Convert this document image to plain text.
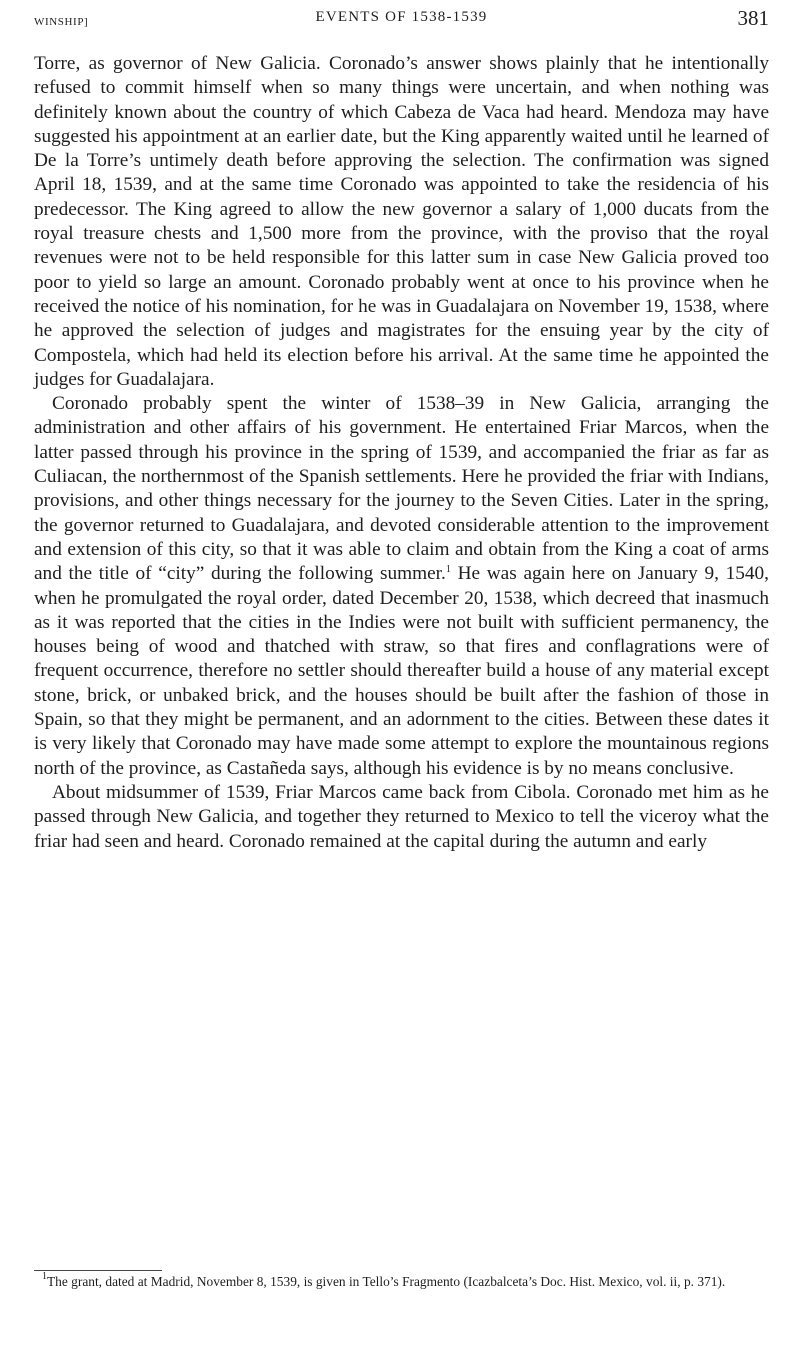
WINSHIP]	EVENTS OF 1538-1539	381

Torre, as governor of New Galicia. Coronado’s answer shows plainly that he intentionally refused to commit himself when so many things were uncertain, and when nothing was definitely known about the country of which Cabeza de Vaca had heard. Mendoza may have suggested his appointment at an earlier date, but the King apparently waited until he learned of De la Torre’s untimely death before approving the selection. The confirmation was signed April 18, 1539, and at the same time Coronado was appointed to take the residencia of his predecessor. The King agreed to allow the new governor a salary of 1,000 ducats from the royal treasure chests and 1,500 more from the province, with the proviso that the royal revenues were not to be held responsible for this latter sum in case New Galicia proved too poor to yield so large an amount. Coronado probably went at once to his province when he received the notice of his nomination, for he was in Guadalajara on November 19, 1538, where he approved the selection of judges and magistrates for the ensuing year by the city of Compostela, which had held its election before his arrival. At the same time he appointed the judges for Guadalajara.

Coronado probably spent the winter of 1538–39 in New Galicia, arranging the administration and other affairs of his government. He entertained Friar Marcos, when the latter passed through his province in the spring of 1539, and accompanied the friar as far as Culiacan, the northernmost of the Spanish settlements. Here he provided the friar with Indians, provisions, and other things necessary for the journey to the Seven Cities. Later in the spring, the governor returned to Guadalajara, and devoted considerable attention to the improvement and extension of this city, so that it was able to claim and obtain from the King a coat of arms and the title of “city” during the following summer.$^1$ He was again here on January 9, 1540, when he promulgated the royal order, dated December 20, 1538, which decreed that inasmuch as it was reported that the cities in the Indies were not built with sufficient permanency, the houses being of wood and thatched with straw, so that fires and conflagrations were of frequent occurrence, therefore no settler should thereafter build a house of any material except stone, brick, or unbaked brick, and the houses should be built after the fashion of those in Spain, so that they might be permanent, and an adornment to the cities. Between these dates it is very likely that Coronado may have made some attempt to explore the mountainous regions north of the province, as Castañeda says, although his evidence is by no means conclusive.

About midsummer of 1539, Friar Marcos came back from Cibola. Coronado met him as he passed through New Galicia, and together they returned to Mexico to tell the viceroy what the friar had seen and heard. Coronado remained at the capital during the autumn and early

$^1$The grant, dated at Madrid, November 8, 1539, is given in Tello’s Fragmento (Icazbalceta’s Doc. Hist. Mexico, vol. ii, p. 371).
